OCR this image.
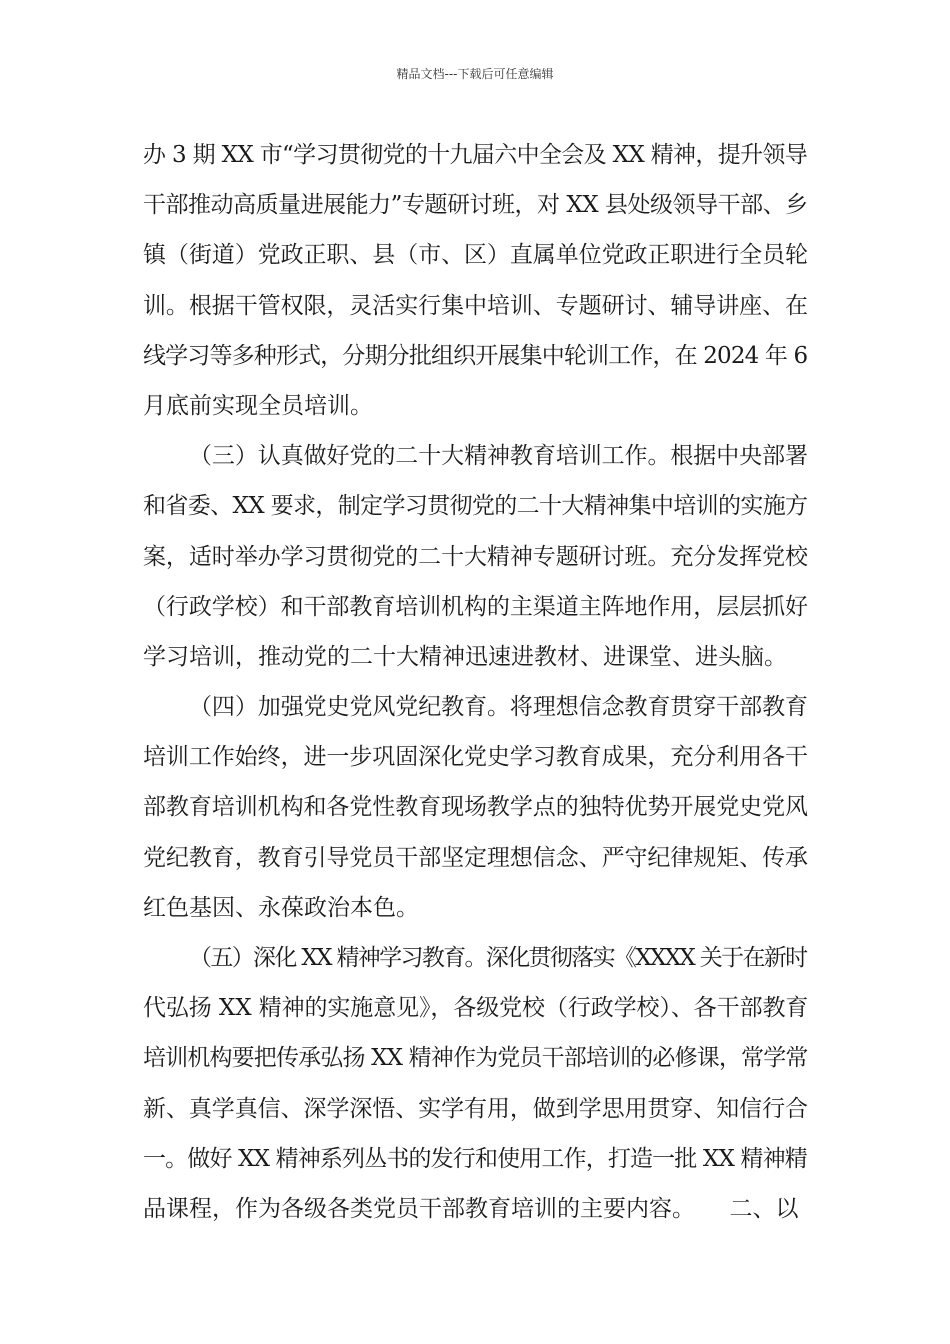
精品文档---下载后可任意编辑
办 3 期 XX 市“学习贯彻党的十九届六中全会及 XX 精神，提升领导
干部推动高质量进展能力”专题研讨班，对 XX 县处级领导干部、乡
镇（街道）党政正职、县（市、区）直属单位党政正职进行全员轮
训。根据干管权限，灵活实行集中培训、专题研讨、辅导讲座、在
线学习等多种形式，分期分批组织开展集中轮训工作，在 2024 年 6
月底前实现全员培训。
（三）认真做好党的二十大精神教育培训工作。根据中央部署
和省委、XX 要求，制定学习贯彻党的二十大精神集中培训的实施方
案，适时举办学习贯彻党的二十大精神专题研讨班。充分发挥党校
（行政学校）和干部教育培训机构的主渠道主阵地作用，层层抓好
学习培训，推动党的二十大精神迅速进教材、进课堂、进头脑。
（四）加强党史党风党纪教育。将理想信念教育贯穿干部教育
培训工作始终，进一步巩固深化党史学习教育成果，充分利用各干
部教育培训机构和各党性教育现场教学点的独特优势开展党史党风
党纪教育，教育引导党员干部坚定理想信念、严守纪律规矩、传承
红色基因、永葆政治本色。
（五）深化 XX 精神学习教育。深化贯彻落实《XXXX 关于在新时
代弘扬 XX 精神的实施意见》，各级党校（行政学校）、各干部教育
培训机构要把传承弘扬 XX 精神作为党员干部培训的必修课，常学常
新、真学真信、深学深悟、实学有用，做到学思用贯穿、知信行合
一。做好 XX 精神系列丛书的发行和使用工作，打造一批 XX 精神精
品课程，作为各级各类党员干部教育培训的主要内容。　　二、以
